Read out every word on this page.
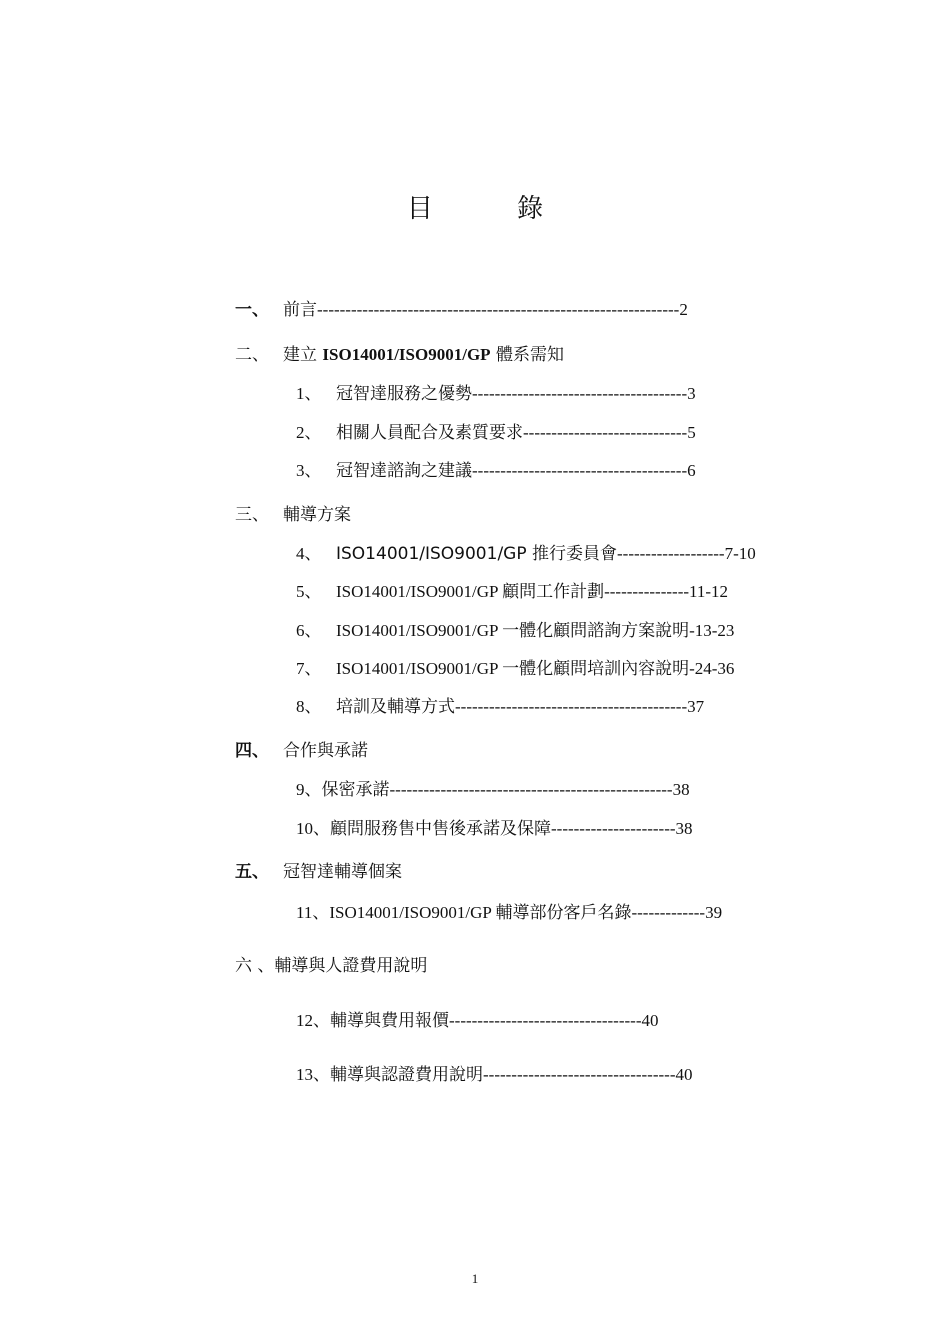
目 錄
一、 前言----------------------------------------------------------------2
二、 建立 ISO14001/ISO9001/GP 體系需知
1、 冠智達服務之優勢--------------------------------------3
2、 相關人員配合及素質要求-----------------------------5
3、 冠智達諮詢之建議--------------------------------------6
三、 輔導方案
4、 ISO14001/ISO9001/GP 推行委員會-------------------7-10
5、 ISO14001/ISO9001/GP 顧問工作計劃---------------11-12
6、 ISO14001/ISO9001/GP 一體化顧問諮詢方案說明-13-23
7、 ISO14001/ISO9001/GP 一體化顧問培訓內容說明-24-36
8、 培訓及輔導方式-----------------------------------------37
四、 合作與承諾
9、保密承諾--------------------------------------------------38
10、顧問服務售中售後承諾及保障----------------------38
五、 冠智達輔導個案
11、ISO14001/ISO9001/GP 輔導部份客戶名錄-------------39
六 、輔導與人證費用說明
12、輔導與費用報價----------------------------------40
13、輔導與認證費用說明----------------------------------40
1
